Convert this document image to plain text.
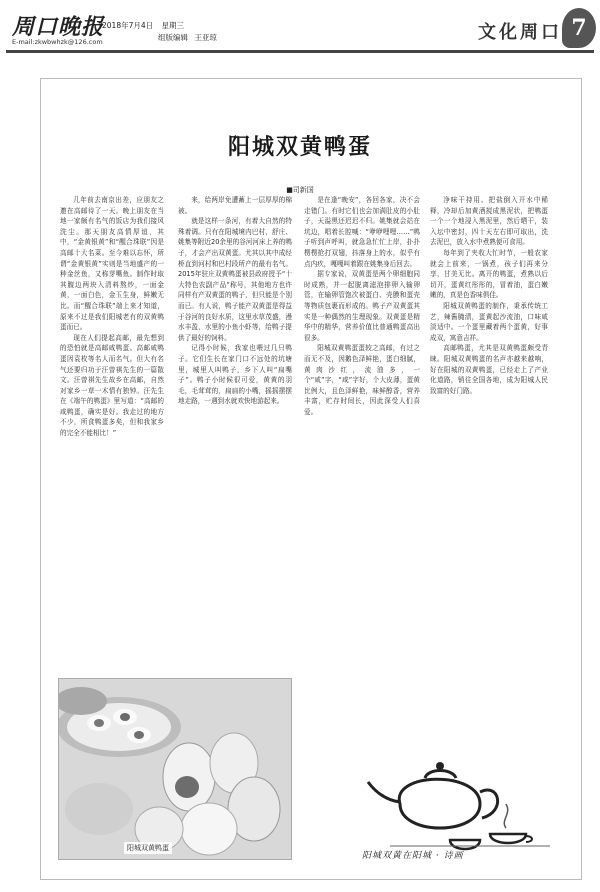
周口晚报
E-mail:zkwbwhzk@126.com
2018年7月4日 星期三
组版编辑 王亚琼	文化周口 7
阳城双黄鸭蛋
■司新国

几年前去南京出差，应朋友之邀在高邮待了一天。晚上朋友在当地一家颇有名气的饭店为我们接风洗尘。那天朋友高情厚谊，其中，“金黄银黄”和“醒合珠联”因是高邮十大名菜。至今难以忘怀，所谓“金黄银黄”实则是当地盛产的一种金丝鱼，又称芽嘴鱼。制作时取其腹边两块入清料熬炒，一面金黄，一面白色，金玉生身，鲜嫩无比。而“醒合珠联”端上来才知道，原来不过是我们阳城老有的双黄鸭蛋而已。

现在人们提起高邮，最先想到的恐怕就是高邮咸鸭蛋。高邮咸鸭蛋因袁枚等名人而名气。但大有名气还要归功于汪曾祺先生的一篇散文。汪曾祺先生故乡在高邮，自然对家乡一草一木情有独钟。汪先生在《端午的鸭蛋》里写道：“高邮的咸鸭蛋，确实是好。我走过的地方不少，所食鸭蛋多矣，但和我家乡的完全不能相比！”

来，给两岸免遭蓄上一层厚厚的棉被。

就是这样一条河，有着大自然的特殊着调。只有在阳城境内巴村，舒庄、姚集等附近20余里的谷河河床上养的鸭子，才会产出双黄蛋。尤其以其中成经桥直到河村和巴村段所产的最有名气。2015年驻庄双黄鸭蛋被县政府授予“十大特色农副产品”称号，其他地方也许同样有产双黄蛋的鸭子，但只能是个别而已。有人说，鸭子能产双黄蛋是得益于谷河的良好水质，这里水草茂盛，漫水丰盈，水里的小鱼小虾等，给鸭子提供了最好的饲料。

记得小时候，我家也喂过几只鸭子。它们生长在家门口不远处的坑塘里，城里人叫鸭子，乡下人叫“扁嘴子”。鸭子小时候很可爱，黄黄的羽毛，毛茸茸的，扁扁的小嘴，摇摇摆摆地走路，一遇到水就欢快地游起来。

是在逢“晚安”，各回各家，决不会走错门。有时它们也会加满肚皮的小肚子，天溢黑还迟迟不归。姚集就会站在坑边，唱着长腔喊：“咿咿哩哩……”鸭子听到声呼叫，就急急忙忙上岸，扑扑楞楞抢打双翅，抖落身上的水，似乎有点内疚，嘎嘎叫着跟在姚集身后回去。

据专家说，双黄蛋是两个卵细胞同时成熟，并一起脱离滤泡排卵入输卵管，在输卵管饱次被蛋白、壳膜和蛋壳等物质包裹而形成的。鸭子产双黄蛋其实是一种偶然的生理现象。双黄蛋是精华中的精华，营养价值比普通鸭蛋高出很多。

阳城双黄鸭蛋蛋较之高邮，有过之而无不及，因鹅色泽鲜艳，蛋白细腻，黄肉沙红，流油多，一个“咸”字，“咸”字好，个大皮薄，蛋黄比例大，且色泽鲜艳，味鲜醇香，营养丰富，贮存时间长，因此深受人们喜爱。

净味干持用。把盐倒入开水中稀释，冷却后加黄酒搅成黑泥状，把鸭蛋一个一个地浸入黑泥里，然后晒干，装入坛中密封，四十天左右即可取出，洗去泥巴，放入水中煮熟便可食用。

每年到了夹收大忙时节，一般农家就会上前来，一锅煮，孩子们再来分享，甘美无比。离开的鸭蛋，煮熟以后切开，蛋黄红彤彤的，冒着油，蛋白嫩嫩的，真是色香味俱佳。

阳城双黄鸭蛋的制作，秉承传统工艺，辣酱腌渍，蛋黄起沙流油，口味咸淡适中。一个蛋里藏着两个蛋黄，好事成双，寓意吉祥。

高邮鸭蛋，尤其是双黄鸭蛋颇受青睐。阳城双黄鸭蛋的名声亦越来越响，好在阳城的双黄鸭蛋，已经走上了产业化道路，销往全国各地，成为阳城人民致富的好门路。

阳城双黄鸭蛋
阳城双黄在阳城 · 诗画
